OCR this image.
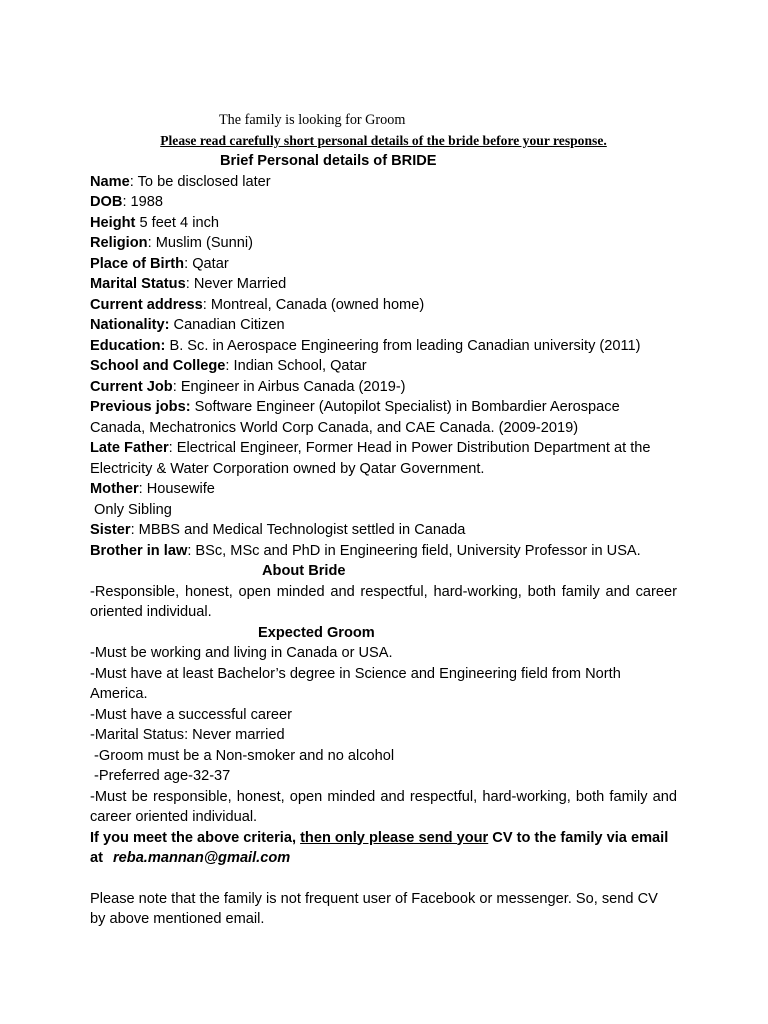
The family is looking for Groom
Please read carefully short personal details of the bride before your response.
Brief Personal details of BRIDE
Name: To be disclosed later
DOB: 1988
Height 5 feet 4 inch
Religion: Muslim (Sunni)
Place of Birth: Qatar
Marital Status: Never Married
Current address: Montreal, Canada (owned home)
Nationality: Canadian Citizen
Education: B. Sc. in Aerospace Engineering from leading Canadian university (2011)
School and College: Indian School, Qatar
Current Job: Engineer in Airbus Canada (2019-)
Previous jobs: Software Engineer (Autopilot Specialist) in Bombardier Aerospace Canada, Mechatronics World Corp Canada, and CAE Canada. (2009-2019)
Late Father: Electrical Engineer, Former Head in Power Distribution Department at the Electricity & Water Corporation owned by Qatar Government.
Mother: Housewife
Only Sibling
Sister: MBBS and Medical Technologist settled in Canada
Brother in law: BSc, MSc and PhD in Engineering field, University Professor in USA.
About Bride
-Responsible, honest, open minded and respectful, hard-working, both family and career oriented individual.
Expected Groom
-Must be working and living in Canada or USA.
-Must have at least Bachelor’s degree in Science and Engineering field from North America.
-Must have a successful career
-Marital Status: Never married
-Groom must be a Non-smoker and no alcohol
-Preferred age-32-37
-Must be responsible, honest, open minded and respectful, hard-working, both family and career oriented individual.
If you meet the above criteria, then only please send your CV to the family via email at reba.mannan@gmail.com
Please note that the family is not frequent user of Facebook or messenger. So, send CV by above mentioned email.
